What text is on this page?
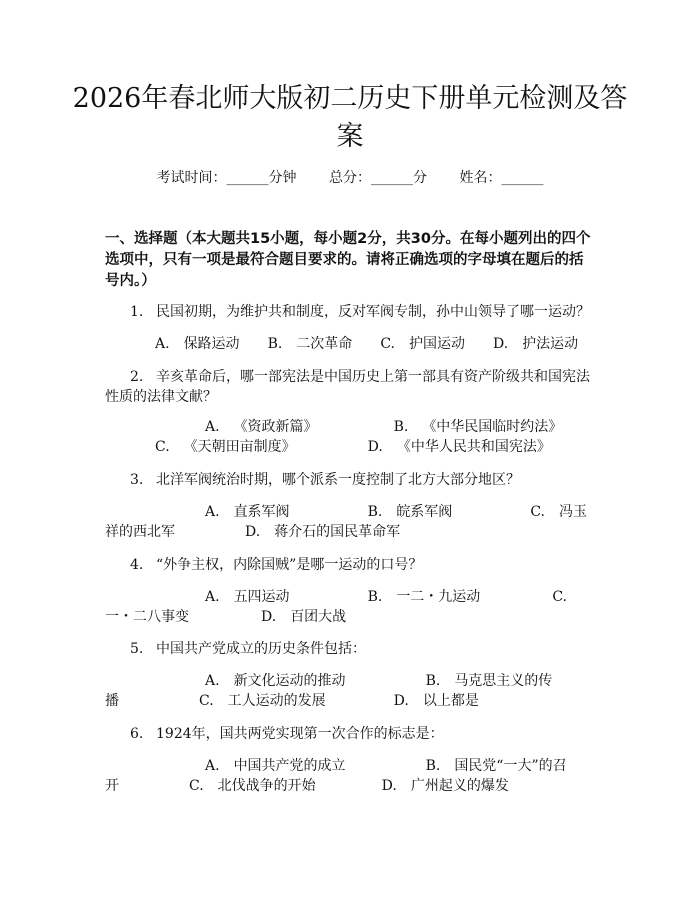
2026年春北师大版初二历史下册单元检测及答案
考试时间：______分钟 总分：______分 姓名：______
一、选择题（本大题共15小题，每小题2分，共30分。在每小题列出的四个选项中，只有一项是最符合题目要求的。请将正确选项的字母填在题后的括号内。）
1. 民国初期，为维护共和制度，反对军阀专制，孙中山领导了哪一运动？
A. 保路运动 B. 二次革命 C. 护国运动 D. 护法运动
2. 辛亥革命后，哪一部宪法是中国历史上第一部具有资产阶级共和国宪法性质的法律文献？
A. 《资政新篇》	B. 《中华民国临时约法》C. 《天朝田亩制度》	D. 《中华人民共和国宪法》
3. 北洋军阀统治时期，哪个派系一度控制了北方大部分地区？
A. 直系军阀	B. 皖系军阀	C. 冯玉祥的西北军	D. 蒋介石的国民革命军
4. “外争主权，内除国贼”是哪一运动的口号？
A. 五四运动	B. 一二・九运动	C.一・二八事变	D. 百团大战
5. 中国共产党成立的历史条件包括：
A. 新文化运动的推动	B. 马克思主义的传播	C. 工人运动的发展	D. 以上都是
6. 1924年，国共两党实现第一次合作的标志是：
A. 中国共产党的成立	B. 国民党“一大”的召开	C. 北伐战争的开始	D. 广州起义的爆发
